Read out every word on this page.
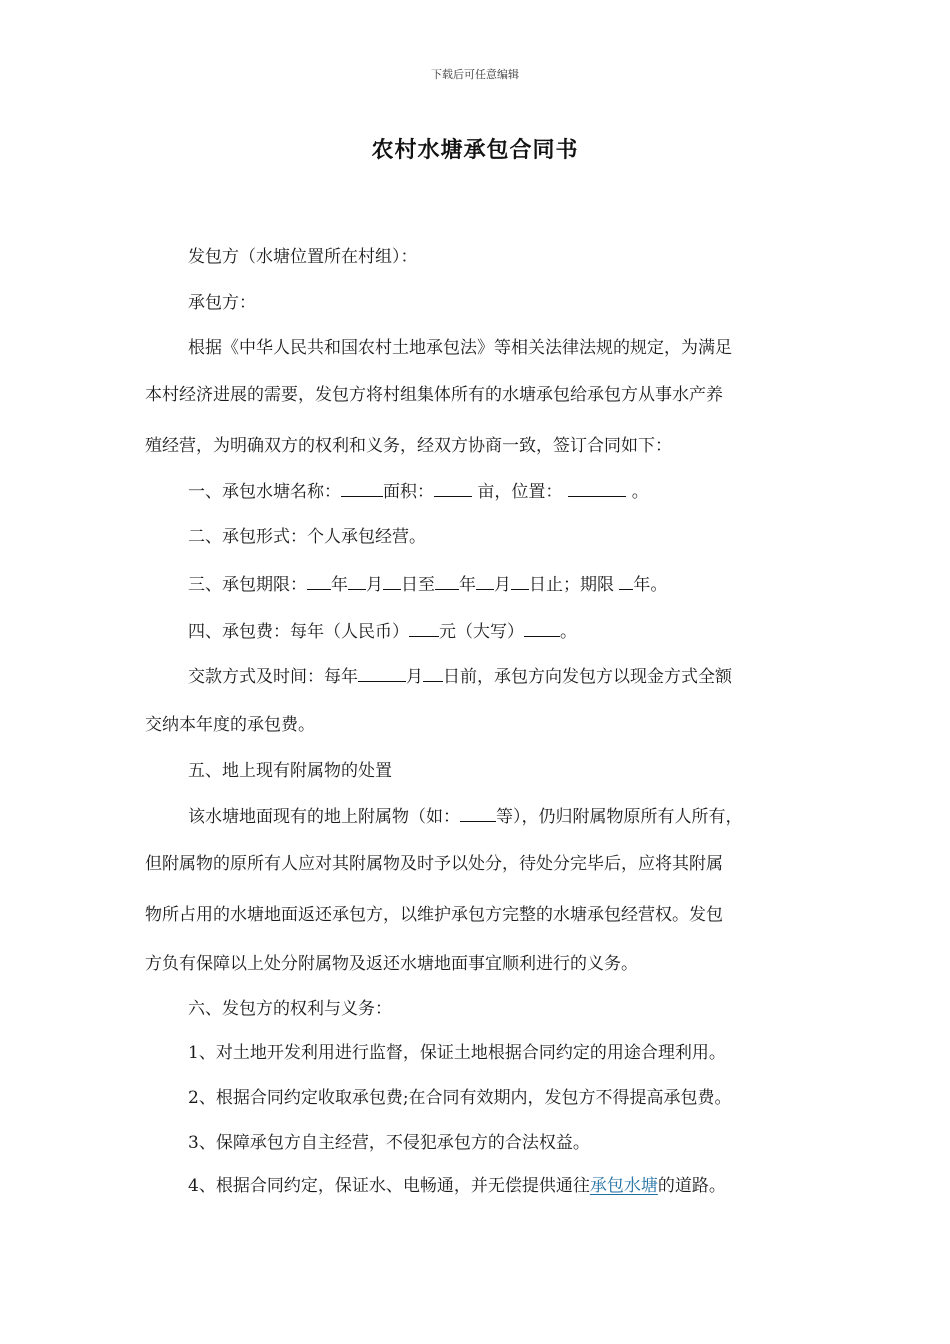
下载后可任意编辑
农村水塘承包合同书
发包方（水塘位置所在村组）：
承包方：
根据《中华人民共和国农村土地承包法》等相关法律法规的规定，为满足
本村经济进展的需要，发包方将村组集体所有的水塘承包给承包方从事水产养
殖经营，为明确双方的权利和义务，经双方协商一致，签订合同如下：
一、承包水塘名称： 面积： 亩，位置：	。
二、承包形式：个人承包经营。
三、承包期限： 年 月 日至 年 月 日止；期限 年。
四、承包费：每年（人民币） 元（大写） 。
交款方式及时间：每年	月 日前，承包方向发包方以现金方式全额
交纳本年度的承包费。
五、地上现有附属物的处置
该水塘地面现有的地上附属物（如： 等），仍归附属物原所有人所有，
但附属物的原所有人应对其附属物及时予以处分，待处分完毕后，应将其附属
物所占用的水塘地面返还承包方，以维护承包方完整的水塘承包经营权。发包
方负有保障以上处分附属物及返还水塘地面事宜顺利进行的义务。
六、发包方的权利与义务：
1、对土地开发利用进行监督，保证土地根据合同约定的用途合理利用。
2、根据合同约定收取承包费;在合同有效期内，发包方不得提高承包费。
3、保障承包方自主经营，不侵犯承包方的合法权益。
4、根据合同约定，保证水、电畅通，并无偿提供通往承包水塘的道路。
